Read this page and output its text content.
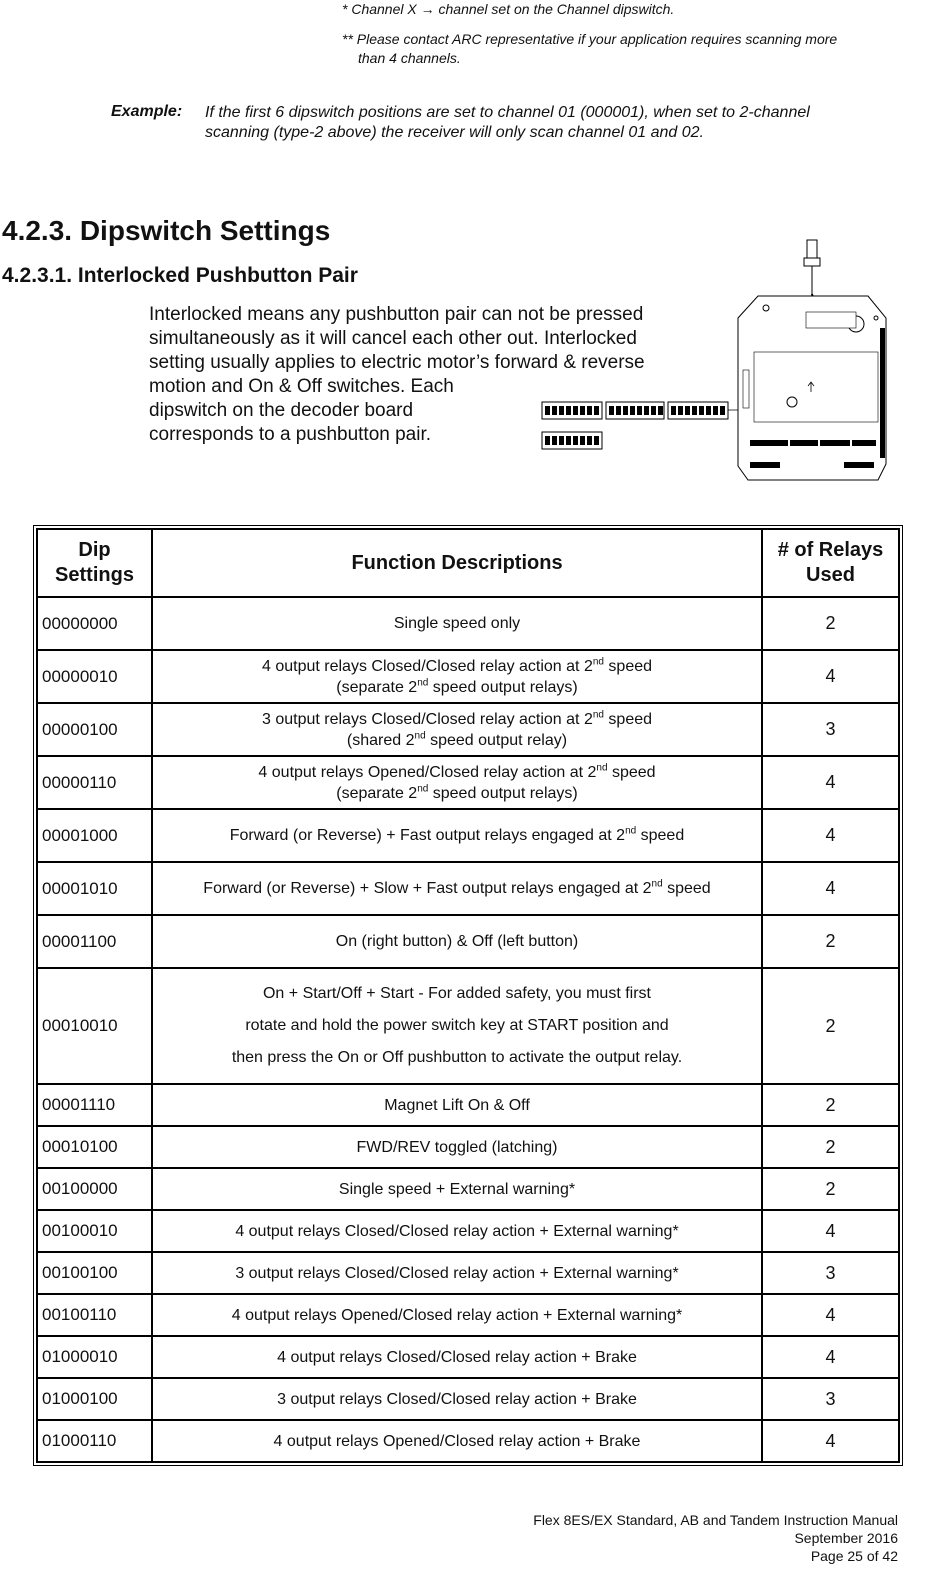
* Channel X → channel set on the Channel dipswitch.
** Please contact ARC representative if your application requires scanning more
than 4 channels.
Example: If the first 6 dipswitch positions are set to channel 01 (000001), when set to 2-channel
scanning (type-2 above) the receiver will only scan channel 01 and 02.
4.2.3. Dipswitch Settings
4.2.3.1. Interlocked Pushbutton Pair
Interlocked means any pushbutton pair can not be pressed
simultaneously as it will cancel each other out. Interlocked
setting usually applies to electric motor’s forward & reverse
motion and On & Off switches. Each
dipswitch on the decoder board
corresponds to a pushbutton pair.
Dip
Settings	Function Descriptions	# of Relays
Used

00000000	Single speed only	2
00000010	4 output relays Closed/Closed relay action at 2nd speed
(separate 2nd speed output relays)	4
00000100	3 output relays Closed/Closed relay action at 2nd speed
(shared 2nd speed output relay)	3
00000110	4 output relays Opened/Closed relay action at 2nd speed
(separate 2nd speed output relays)	4
00001000	Forward (or Reverse) + Fast output relays engaged at 2nd speed	4
00001010	Forward (or Reverse) + Slow + Fast output relays engaged at 2nd speed	4
00001100	On (right button) & Off (left button)	2
00010010	On + Start/Off + Start - For added safety, you must first
rotate and hold the power switch key at START position and
then press the On or Off pushbutton to activate the output relay.	2
00001110	Magnet Lift On & Off	2
00010100	FWD/REV toggled (latching)	2
00100000	Single speed + External warning*	2
00100010	4 output relays Closed/Closed relay action + External warning*	4
00100100	3 output relays Closed/Closed relay action + External warning*	3
00100110	4 output relays Opened/Closed relay action + External warning*	4
01000010	4 output relays Closed/Closed relay action + Brake	4
01000100	3 output relays Closed/Closed relay action + Brake	3
01000110	4 output relays Opened/Closed relay action + Brake	4
Flex 8ES/EX Standard, AB and Tandem Instruction Manual
September 2016
Page 25 of 42
